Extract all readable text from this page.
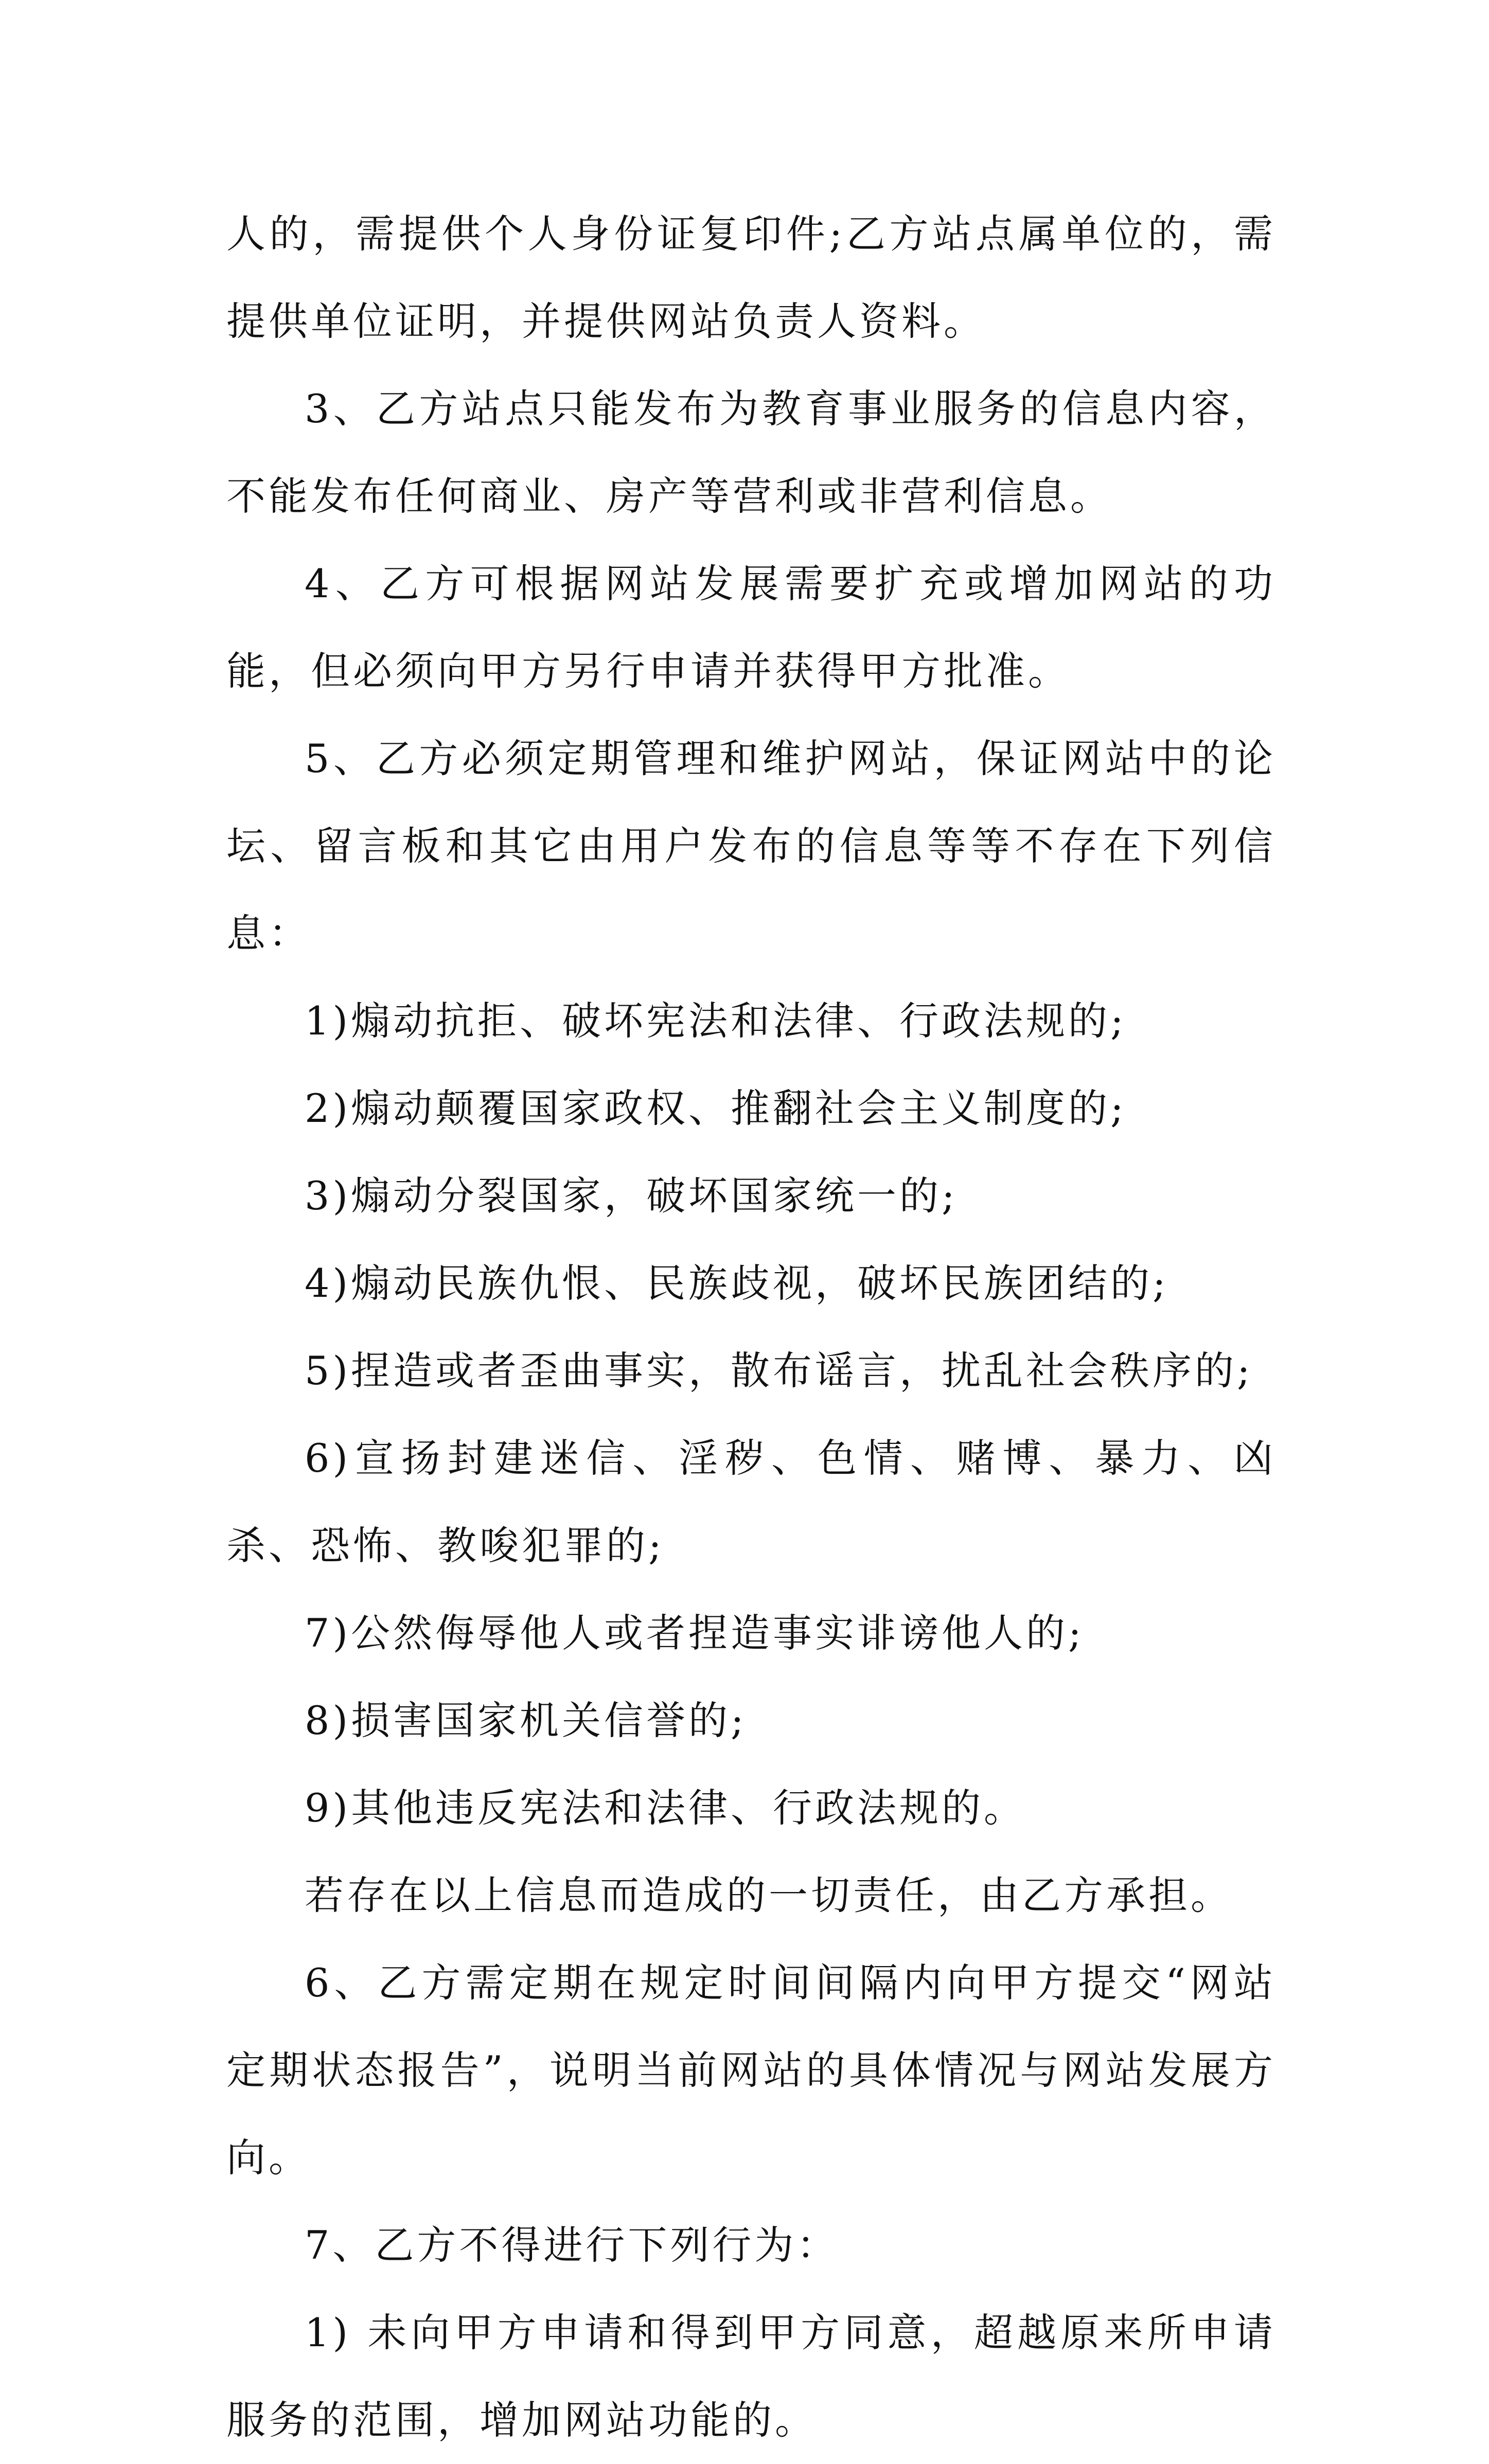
人的，需提供个人身份证复印件;乙方站点属单位的，需提供单位证明，并提供网站负责人资料。

3、乙方站点只能发布为教育事业服务的信息内容，不能发布任何商业、房产等营利或非营利信息。

4、乙方可根据网站发展需要扩充或增加网站的功能，但必须向甲方另行申请并获得甲方批准。

5、乙方必须定期管理和维护网站，保证网站中的论坛、留言板和其它由用户发布的信息等等不存在下列信息：

1)煽动抗拒、破坏宪法和法律、行政法规的;

2)煽动颠覆国家政权、推翻社会主义制度的;

3)煽动分裂国家，破坏国家统一的;

4)煽动民族仇恨、民族歧视，破坏民族团结的;

5)捏造或者歪曲事实，散布谣言，扰乱社会秩序的;

6)宣扬封建迷信、淫秽、色情、赌博、暴力、凶杀、恐怖、教唆犯罪的;

7)公然侮辱他人或者捏造事实诽谤他人的;

8)损害国家机关信誉的;

9)其他违反宪法和法律、行政法规的。

若存在以上信息而造成的一切责任，由乙方承担。

6、乙方需定期在规定时间间隔内向甲方提交“网站定期状态报告”，说明当前网站的具体情况与网站发展方向。

7、乙方不得进行下列行为：

1) 未向甲方申请和得到甲方同意，超越原来所申请服务的范围，增加网站功能的。
